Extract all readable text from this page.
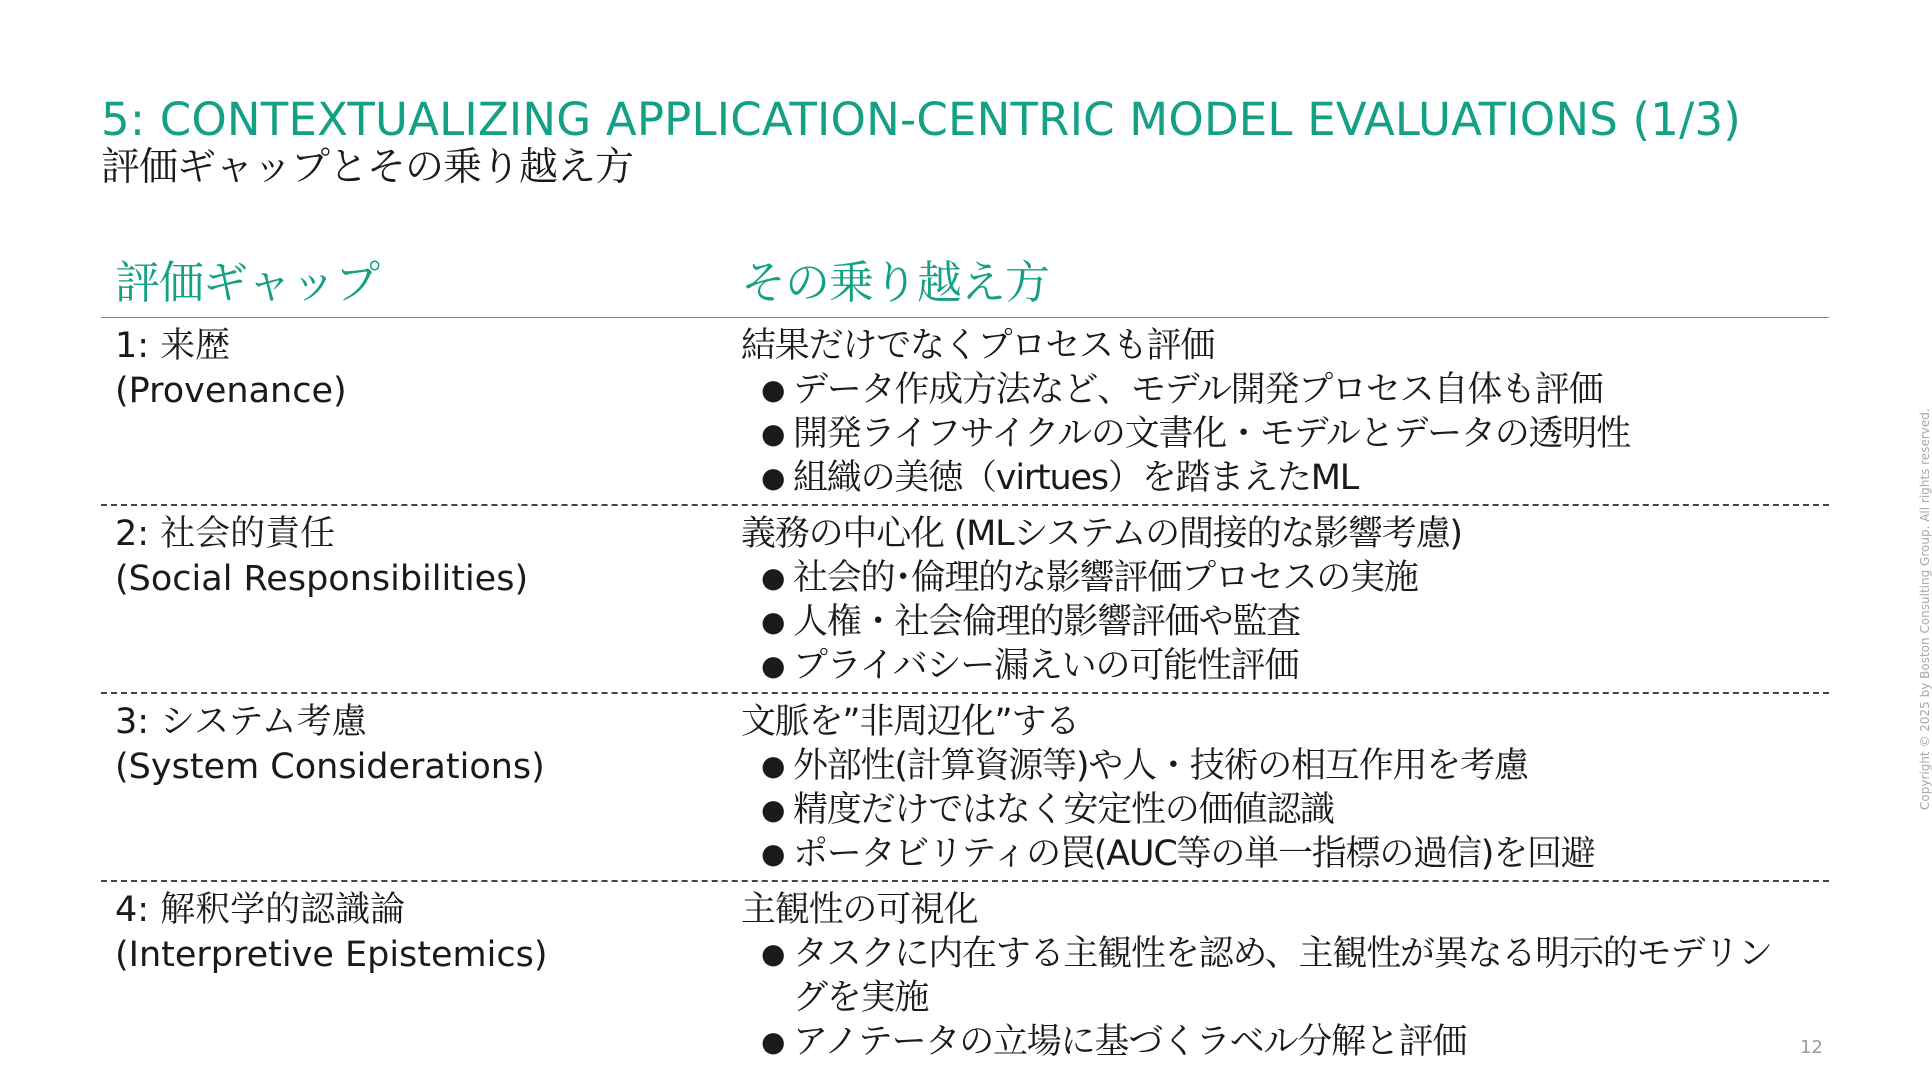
5: CONTEXTUALIZING APPLICATION-CENTRIC MODEL EVALUATIONS (1/3)
評価ギャップとその乗り越え方
評価ギャップ	その乗り越え方
1: 来歴
(Provenance)
結果だけでなくプロセスも評価
● データ作成方法など、モデル開発プロセス自体も評価
● 開発ライフサイクルの文書化・モデルとデータの透明性
● 組織の美徳（virtues）を踏まえたML
2: 社会的責任
(Social Responsibilities)
義務の中心化 (MLシステムの間接的な影響考慮)
● 社会的･倫理的な影響評価プロセスの実施
● 人権・社会倫理的影響評価や監査
● プライバシー漏えいの可能性評価
3: システム考慮
(System Considerations)
文脈を”非周辺化”する
● 外部性(計算資源等)や人・技術の相互作用を考慮
● 精度だけではなく安定性の価値認識
● ポータビリティの罠(AUC等の単一指標の過信)を回避
4: 解釈学的認識論
(Interpretive Epistemics)
主観性の可視化
● タスクに内在する主観性を認め、主観性が異なる明示的モデリングを実施
● アノテータの立場に基づくラベル分解と評価
Copyright © 2025 by Boston Consulting Group. All rights reserved.
12
